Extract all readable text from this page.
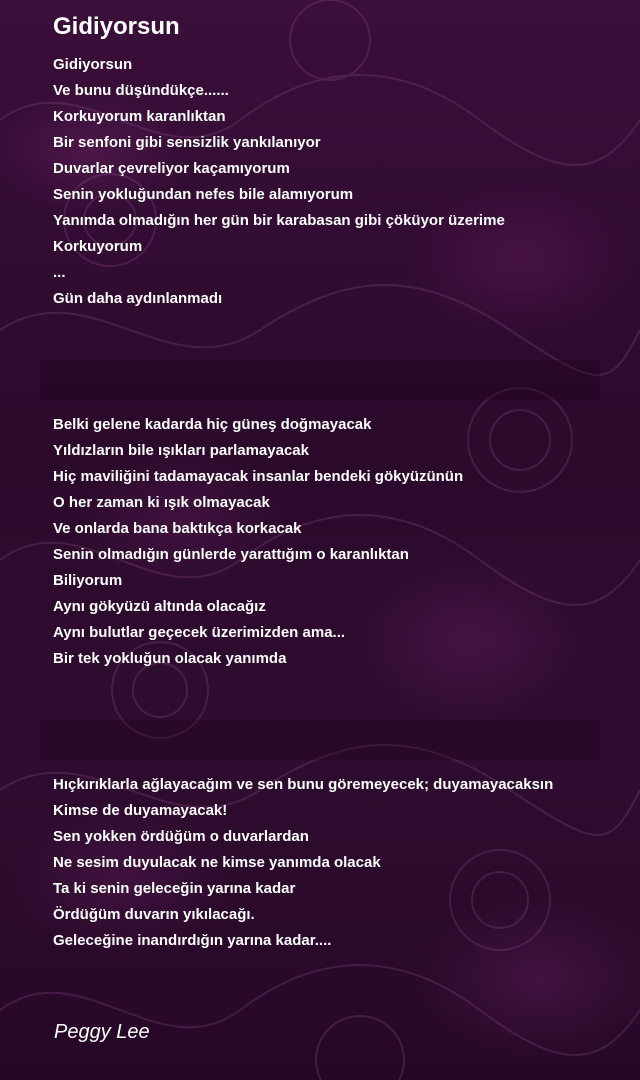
Gidiyorsun
Gidiyorsun
Ve bunu düşündükçe......
Korkuyorum karanlıktan
Bir senfoni gibi sensizlik yankılanıyor
Duvarlar çevreliyor kaçamıyorum
Senin yokluğundan nefes bile alamıyorum
Yanımda olmadığın her gün bir karabasan gibi çöküyor üzerime
Korkuyorum
...
Gün daha aydınlanmadı
Belki gelene kadarda hiç güneş doğmayacak
Yıldızların bile ışıkları parlamayacak
Hiç maviliğini tadamayacak insanlar bendeki gökyüzünün
O her zaman ki ışık olmayacak
Ve onlarda bana baktıkça korkacak
Senin olmadığın günlerde yarattığım o karanlıktan
Biliyorum
Aynı gökyüzü altında olacağız
Aynı bulutlar geçecek üzerimizden ama...
Bir tek yokluğun olacak yanımda
Hıçkırıklarla ağlayacağım ve sen bunu göremeyecek; duyamayacaksın
Kimse de duyamayacak!
Sen yokken ördüğüm o duvarlardan
Ne sesim duyulacak ne kimse yanımda olacak
Ta ki senin geleceğin yarına kadar
Ördüğüm duvarın yıkılacağı.
Geleceğine inandırdığın yarına kadar....

Peggy Lee
